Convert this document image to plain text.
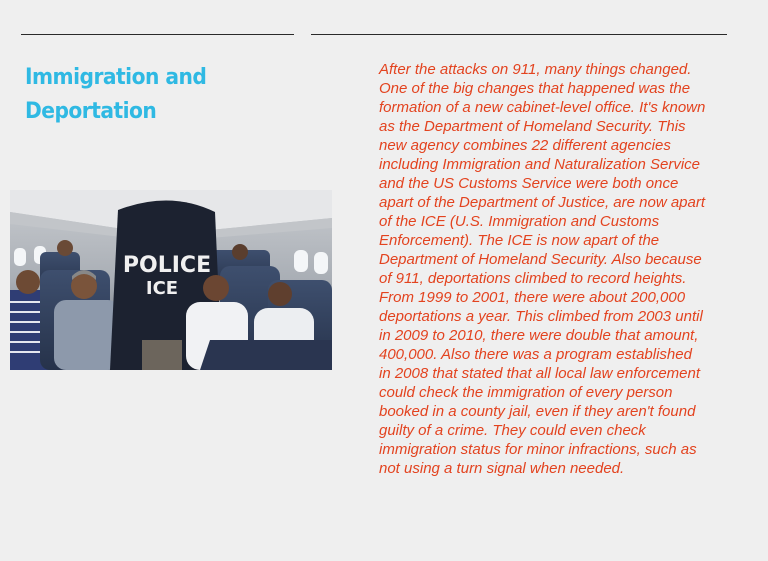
Immigration and
Deportation
POLICE
ICE
After the attacks on 911, many things changed.
One of the big changes that happened was the
formation of a new cabinet-level office. It's known
as the Department of Homeland Security. This
new agency combines 22 different agencies
including Immigration and Naturalization Service
and the US Customs Service were both once
apart of the Department of Justice, are now apart
of the ICE (U.S. Immigration and Customs
Enforcement). The ICE is now apart of the
Department of Homeland Security. Also because
of 911, deportations climbed to record heights.
From 1999 to 2001, there were about 200,000
deportations a year. This climbed from 2003 until
in 2009 to 2010, there were double that amount,
400,000. Also there was a program established
in 2008 that stated that all local law enforcement
could check the immigration of every person
booked in a county jail, even if they aren't found
guilty of a crime. They could even check
immigration status for minor infractions, such as
not using a turn signal when needed.
